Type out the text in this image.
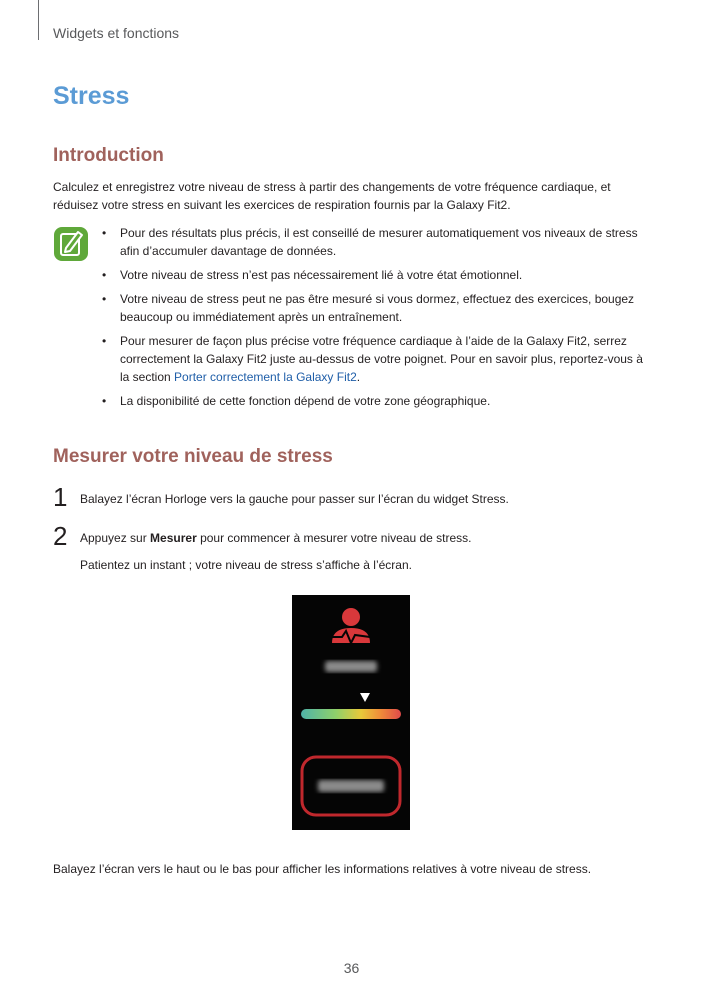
Widgets et fonctions
Stress
Introduction
Calculez et enregistrez votre niveau de stress à partir des changements de votre fréquence cardiaque, et
réduisez votre stress en suivant les exercices de respiration fournis par la Galaxy Fit2.
• Pour des résultats plus précis, il est conseillé de mesurer automatiquement vos niveaux de stress
afin d’accumuler davantage de données.
• Votre niveau de stress n’est pas nécessairement lié à votre état émotionnel.
• Votre niveau de stress peut ne pas être mesuré si vous dormez, effectuez des exercices, bougez
beaucoup ou immédiatement après un entraînement.
• Pour mesurer de façon plus précise votre fréquence cardiaque à l’aide de la Galaxy Fit2, serrez
correctement la Galaxy Fit2 juste au-dessus de votre poignet. Pour en savoir plus, reportez-vous à
la section Porter correctement la Galaxy Fit2.
• La disponibilité de cette fonction dépend de votre zone géographique.
Mesurer votre niveau de stress
1 Balayez l’écran Horloge vers la gauche pour passer sur l’écran du widget Stress.
2 Appuyez sur Mesurer pour commencer à mesurer votre niveau de stress.
Patientez un instant ; votre niveau de stress s’affiche à l’écran.
Balayez l’écran vers le haut ou le bas pour afficher les informations relatives à votre niveau de stress.
36
